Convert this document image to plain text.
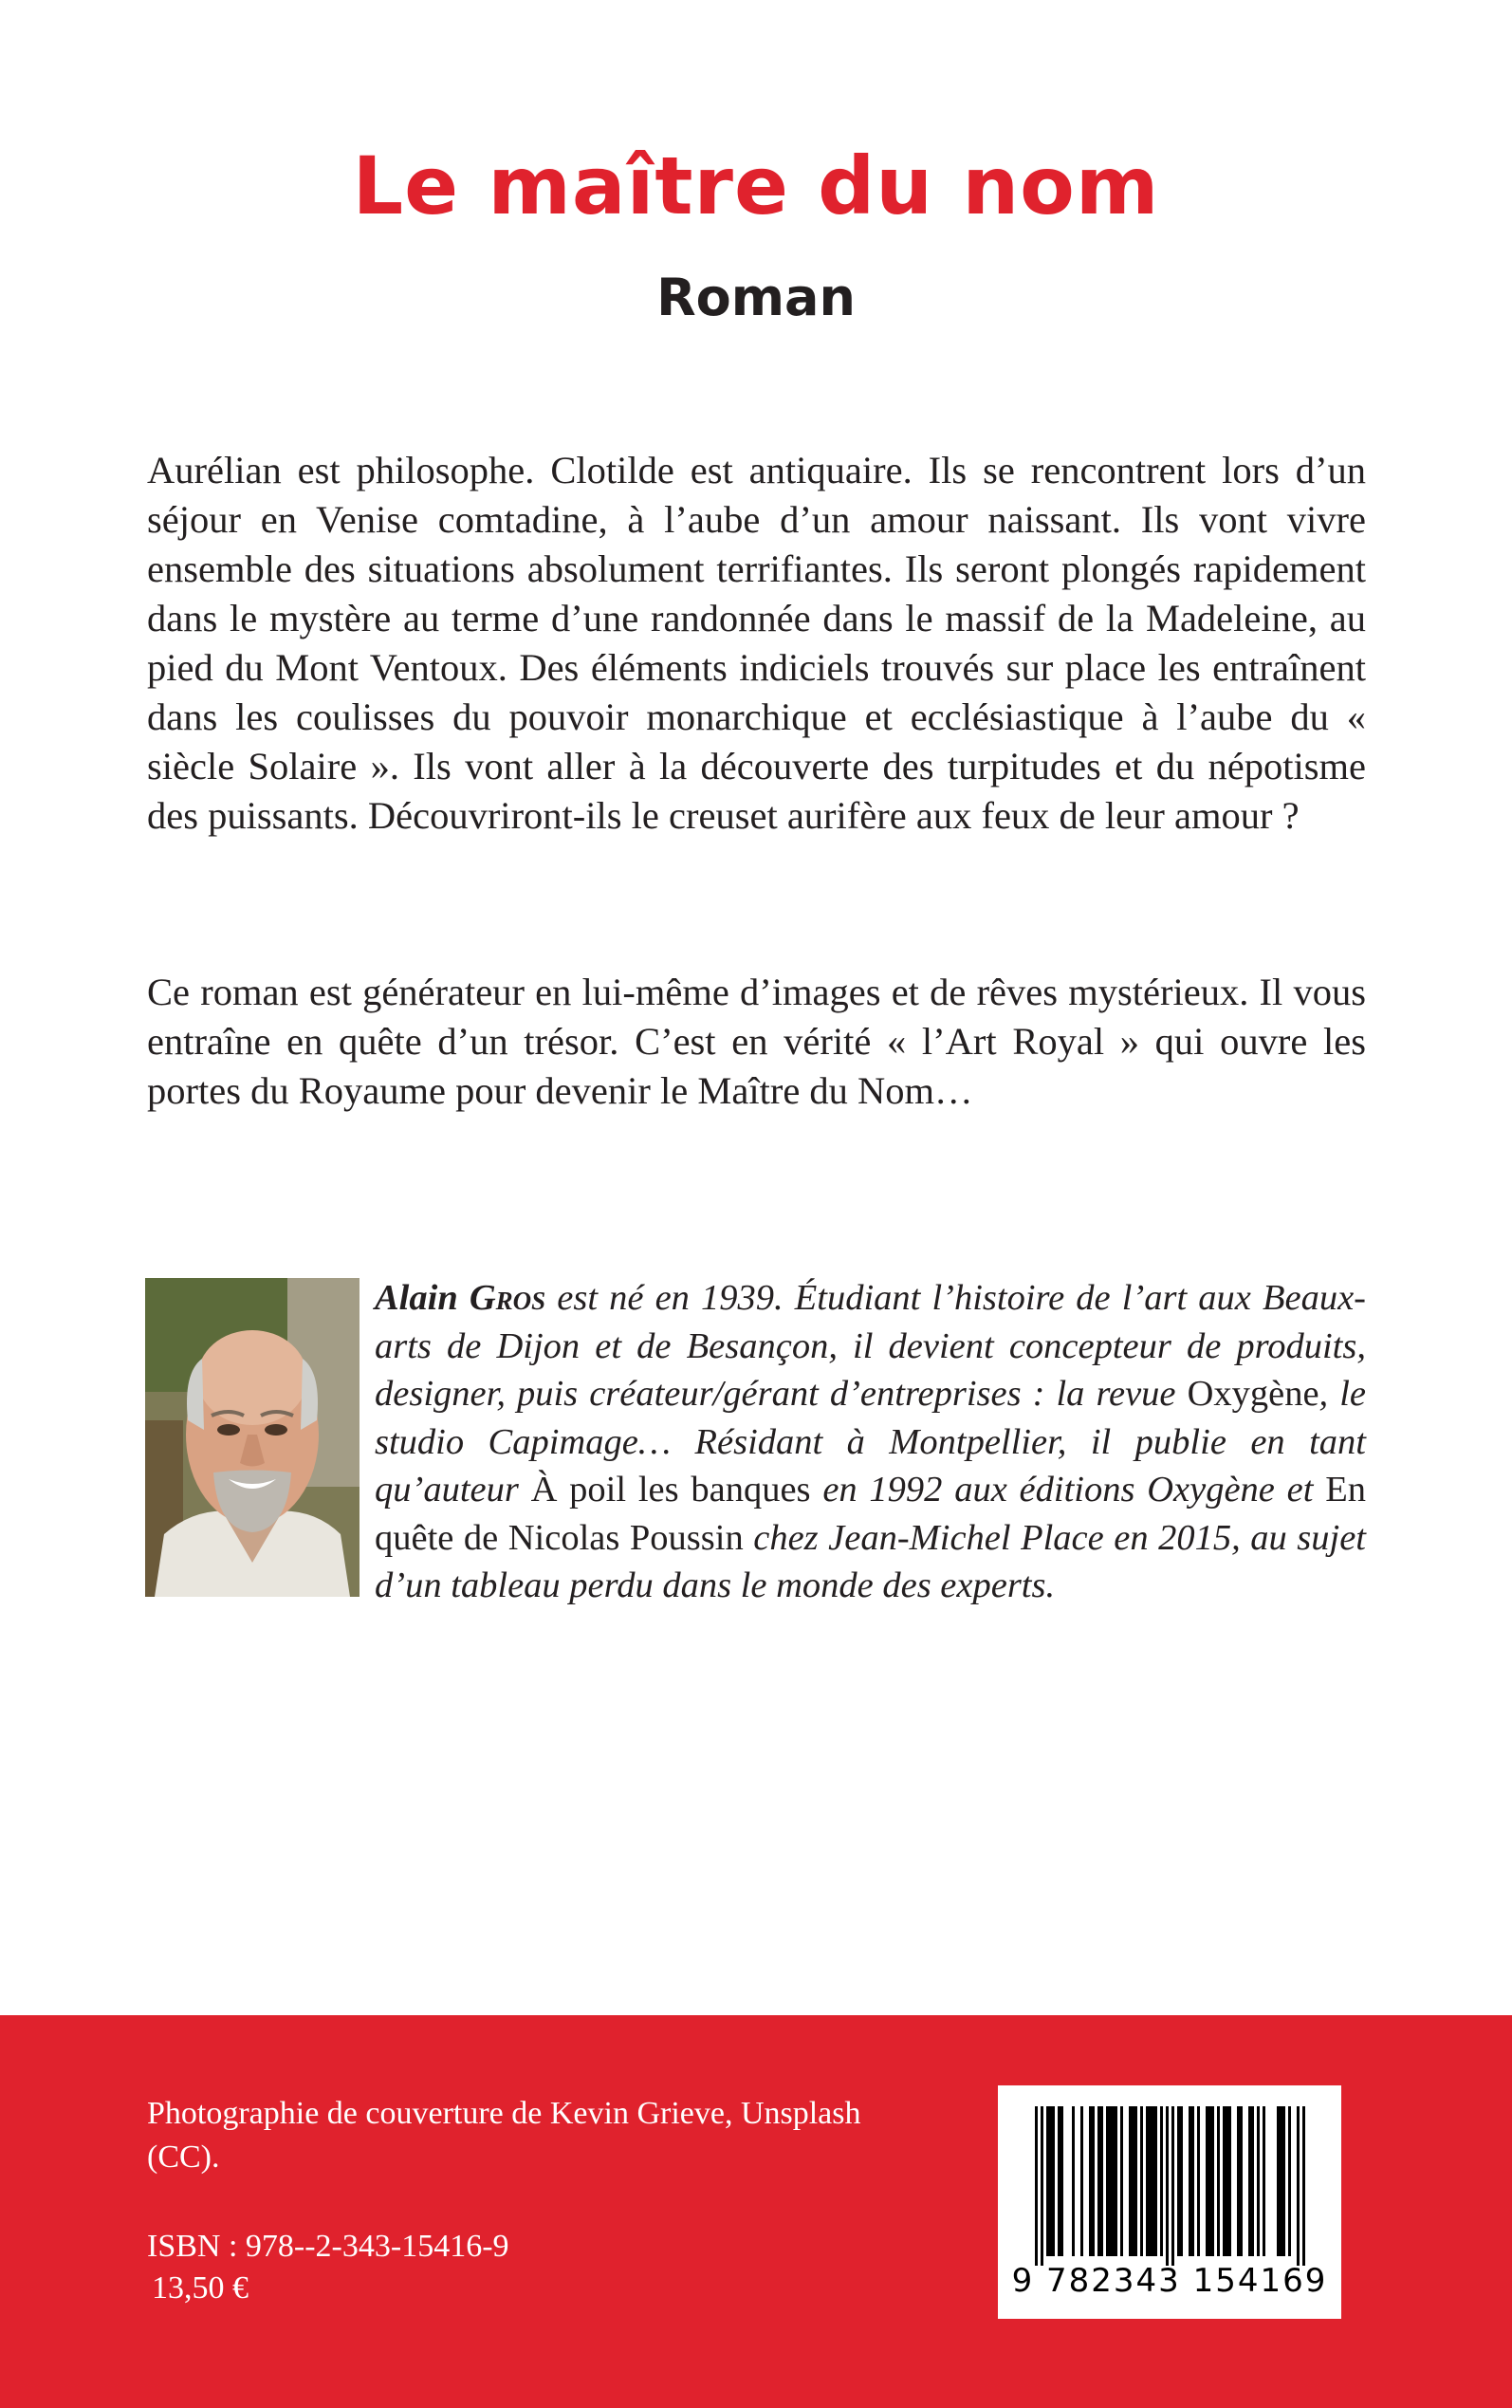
Le maître du nom
Roman

Aurélian est philosophe. Clotilde est antiquaire. Ils se rencontrent lors d’un séjour en Venise comtadine, à l’aube d’un amour naissant. Ils vont vivre ensemble des situations absolument terrifiantes. Ils seront plongés rapidement dans le mystère au terme d’une randonnée dans le massif de la Madeleine, au pied du Mont Ventoux. Des éléments indiciels trouvés sur place les entraînent dans les coulisses du pouvoir monarchique et ecclésiastique à l’aube du « siècle Solaire ». Ils vont aller à la découverte des turpitudes et du népotisme des puissants. Découvriront-ils le creuset aurifère aux feux de leur amour ?

Ce roman est générateur en lui-même d’images et de rêves mystérieux. Il vous entraîne en quête d’un trésor. C’est en vérité « l’Art Royal » qui ouvre les portes du Royaume pour devenir le Maître du Nom…

Alain Gros est né en 1939. Étudiant l’histoire de l’art aux Beaux-arts de Dijon et de Besançon, il devient concepteur de produits, designer, puis créateur/gérant d’entreprises : la revue Oxygène, le studio Capimage… Résidant à Montpellier, il publie en tant qu’auteur À poil les banques en 1992 aux éditions Oxygène et En quête de Nicolas Poussin chez Jean-Michel Place en 2015, au sujet d’un tableau perdu dans le monde des experts.

Photographie de couverture de Kevin Grieve, Unsplash (CC).

ISBN : 978--2-343-15416-9

13,50 €	9 782343 154169
